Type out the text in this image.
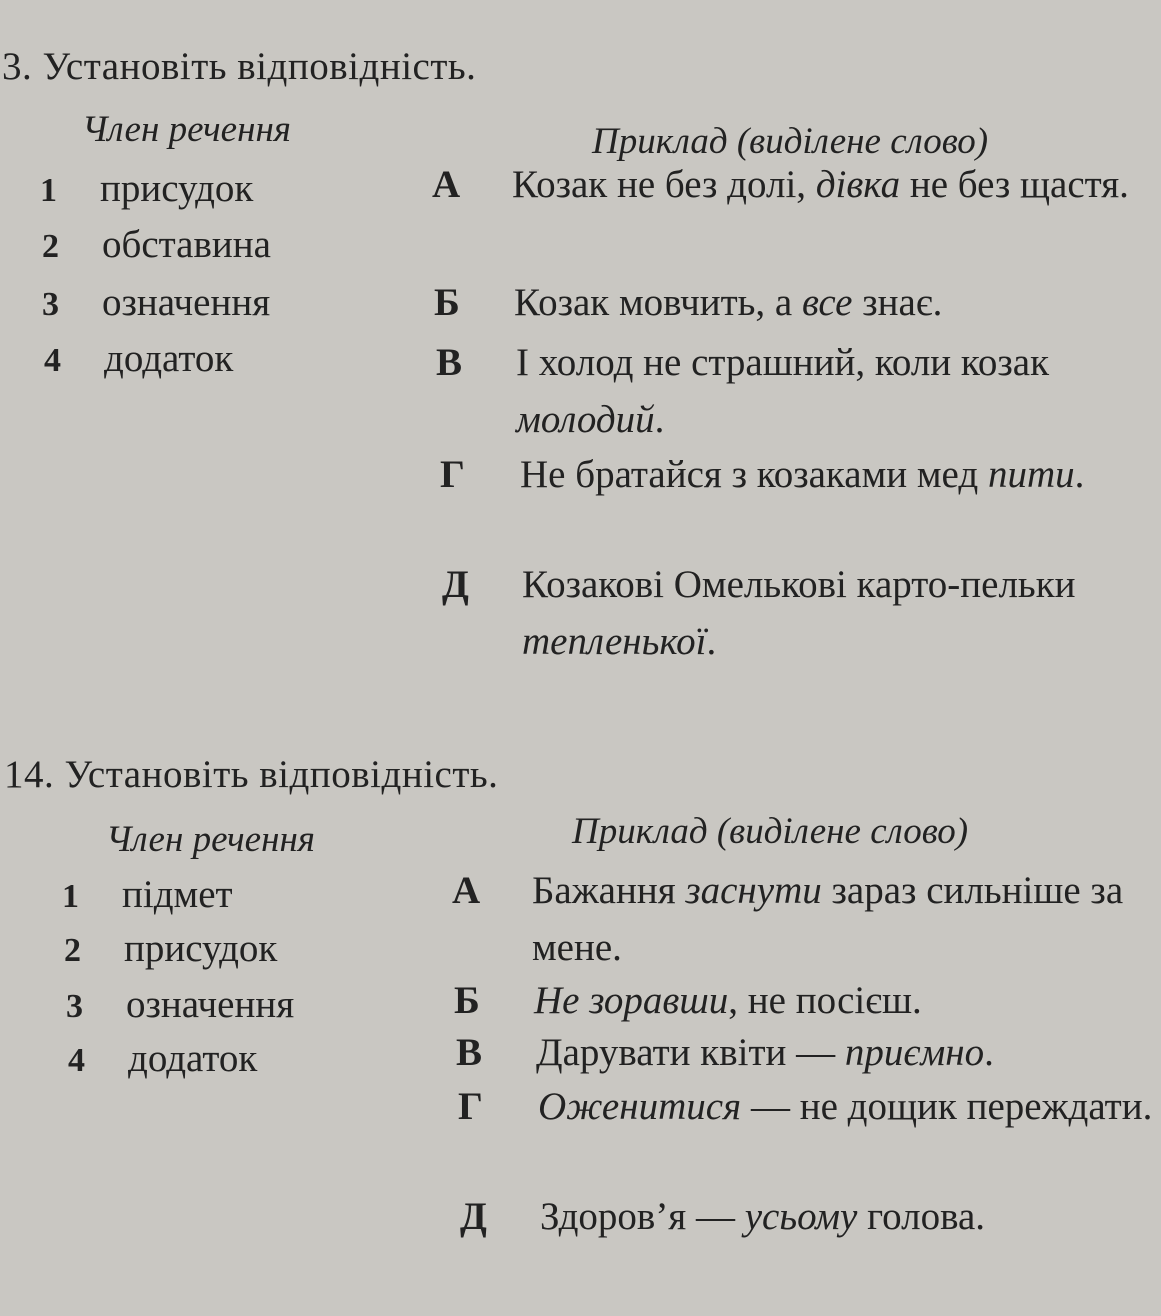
3. Установіть відповідність.
Член речення	Приклад (виділене слово)
1 присудок
2 обставина
3 означення
4 додаток
А Козак не без долі, дівка не без щастя.
Б Козак мовчить, а все знає.
В І холод не страшний, коли козак молодий.
Г Не братайся з козаками мед пити.
Д Козакові Омелькові карто-пельки тепленької.
14. Установіть відповідність.
Член речення	Приклад (виділене слово)
1 підмет
2 присудок
3 означення
4 додаток
А Бажання заснути зараз сильніше за мене.
Б Не зоравши, не посієш.
В Дарувати квіти — приємно.
Г Оженитися — не дощик переждати.
Д Здоров’я — усьому голова.
